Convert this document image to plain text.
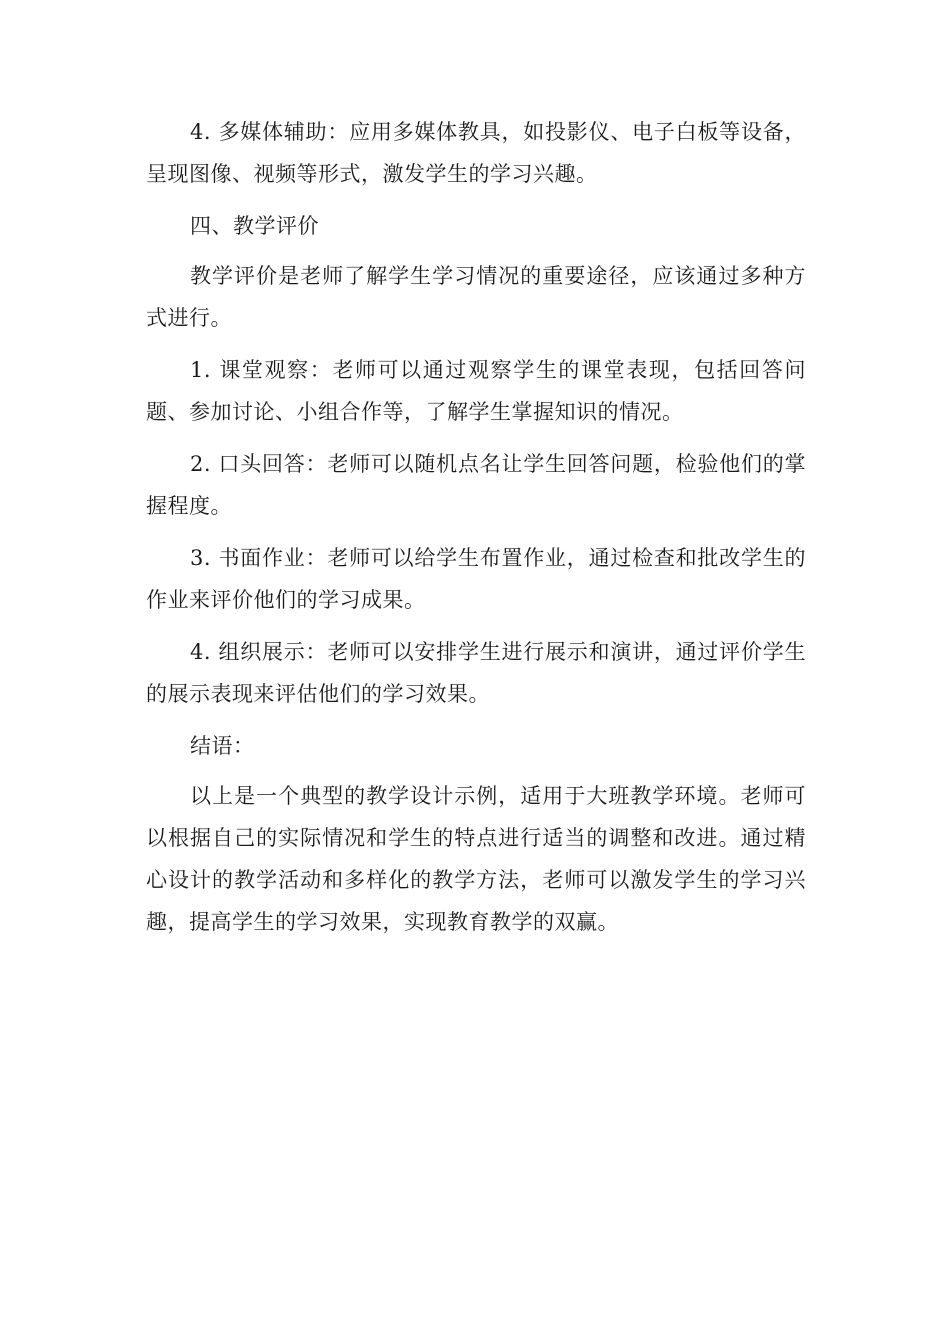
4. 多媒体辅助：应用多媒体教具，如投影仪、电子白板等设备，呈现图像、视频等形式，激发学生的学习兴趣。

四、教学评价

教学评价是老师了解学生学习情况的重要途径，应该通过多种方式进行。

1. 课堂观察：老师可以通过观察学生的课堂表现，包括回答问题、参加讨论、小组合作等，了解学生掌握知识的情况。

2. 口头回答：老师可以随机点名让学生回答问题，检验他们的掌握程度。

3. 书面作业：老师可以给学生布置作业，通过检查和批改学生的作业来评价他们的学习成果。

4. 组织展示：老师可以安排学生进行展示和演讲，通过评价学生的展示表现来评估他们的学习效果。

结语：

以上是一个典型的教学设计示例，适用于大班教学环境。老师可以根据自己的实际情况和学生的特点进行适当的调整和改进。通过精心设计的教学活动和多样化的教学方法，老师可以激发学生的学习兴趣，提高学生的学习效果，实现教育教学的双赢。
